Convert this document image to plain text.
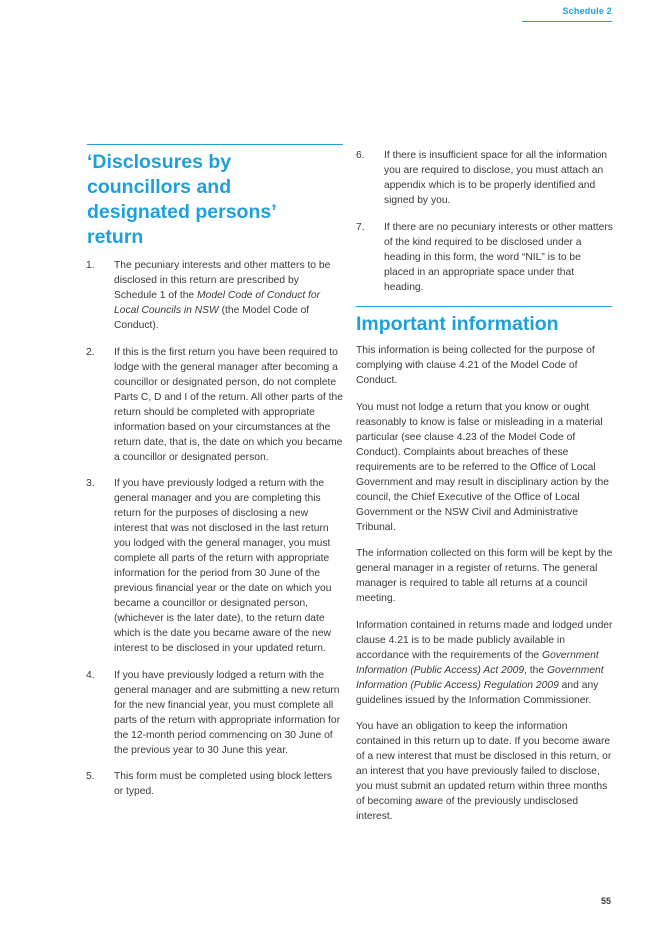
Schedule 2
‘Disclosures by
councillors and
designated persons’
return
1. The pecuniary interests and other matters to be disclosed in this return are prescribed by Schedule 1 of the Model Code of Conduct for Local Councils in NSW (the Model Code of Conduct).
2. If this is the first return you have been required to lodge with the general manager after becoming a councillor or designated person, do not complete Parts C, D and I of the return. All other parts of the return should be completed with appropriate information based on your circumstances at the return date, that is, the date on which you became a councillor or designated person.
3. If you have previously lodged a return with the general manager and you are completing this return for the purposes of disclosing a new interest that was not disclosed in the last return you lodged with the general manager, you must complete all parts of the return with appropriate information for the period from 30 June of the previous financial year or the date on which you became a councillor or designated person, (whichever is the later date), to the return date which is the date you became aware of the new interest to be disclosed in your updated return.
4. If you have previously lodged a return with the general manager and are submitting a new return for the new financial year, you must complete all parts of the return with appropriate information for the 12-month period commencing on 30 June of the previous year to 30 June this year.
5. This form must be completed using block letters or typed.
6. If there is insufficient space for all the information you are required to disclose, you must attach an appendix which is to be properly identified and signed by you.
7. If there are no pecuniary interests or other matters of the kind required to be disclosed under a heading in this form, the word “NIL” is to be placed in an appropriate space under that heading.
Important information

This information is being collected for the purpose of complying with clause 4.21 of the Model Code of Conduct.

You must not lodge a return that you know or ought reasonably to know is false or misleading in a material particular (see clause 4.23 of the Model Code of Conduct). Complaints about breaches of these requirements are to be referred to the Office of Local Government and may result in disciplinary action by the council, the Chief Executive of the Office of Local Government or the NSW Civil and Administrative Tribunal.

The information collected on this form will be kept by the general manager in a register of returns. The general manager is required to table all returns at a council meeting.

Information contained in returns made and lodged under clause 4.21 is to be made publicly available in accordance with the requirements of the Government Information (Public Access) Act 2009, the Government Information (Public Access) Regulation 2009 and any guidelines issued by the Information Commissioner.

You have an obligation to keep the information contained in this return up to date. If you become aware of a new interest that must be disclosed in this return, or an interest that you have previously failed to disclose, you must submit an updated return within three months of becoming aware of the previously undisclosed interest.

55
